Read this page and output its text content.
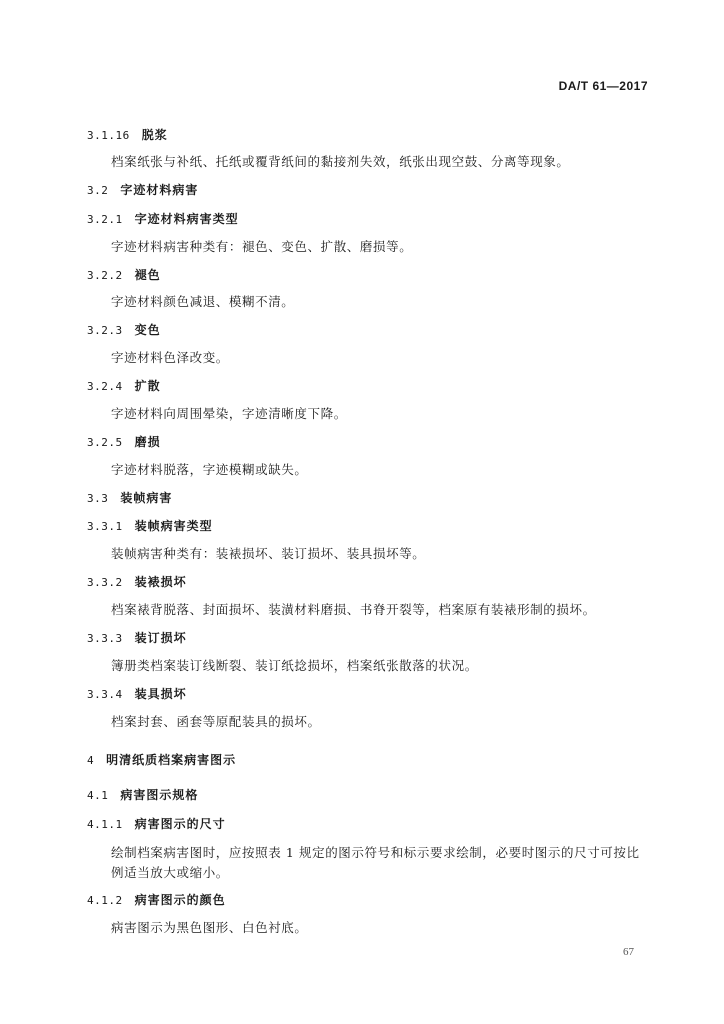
DA/T 61—2017
3.1.16 脱浆
档案纸张与补纸、托纸或覆背纸间的黏接剂失效，纸张出现空鼓、分离等现象。
3.2 字迹材料病害
3.2.1 字迹材料病害类型
字迹材料病害种类有：褪色、变色、扩散、磨损等。
3.2.2 褪色
字迹材料颜色减退、模糊不清。
3.2.3 变色
字迹材料色泽改变。
3.2.4 扩散
字迹材料向周围晕染，字迹清晰度下降。
3.2.5 磨损
字迹材料脱落，字迹模糊或缺失。
3.3 装帧病害
3.3.1 装帧病害类型
装帧病害种类有：装裱损坏、装订损坏、装具损坏等。
3.3.2 装裱损坏
档案裱背脱落、封面损坏、装潢材料磨损、书脊开裂等，档案原有装裱形制的损坏。
3.3.3 装订损坏
簿册类档案装订线断裂、装订纸捻损坏，档案纸张散落的状况。
3.3.4 装具损坏
档案封套、函套等原配装具的损坏。
4 明清纸质档案病害图示
4.1 病害图示规格
4.1.1 病害图示的尺寸
绘制档案病害图时，应按照表 1 规定的图示符号和标示要求绘制，必要时图示的尺寸可按比例适当放大或缩小。
4.1.2 病害图示的颜色
病害图示为黑色图形、白色衬底。
67
